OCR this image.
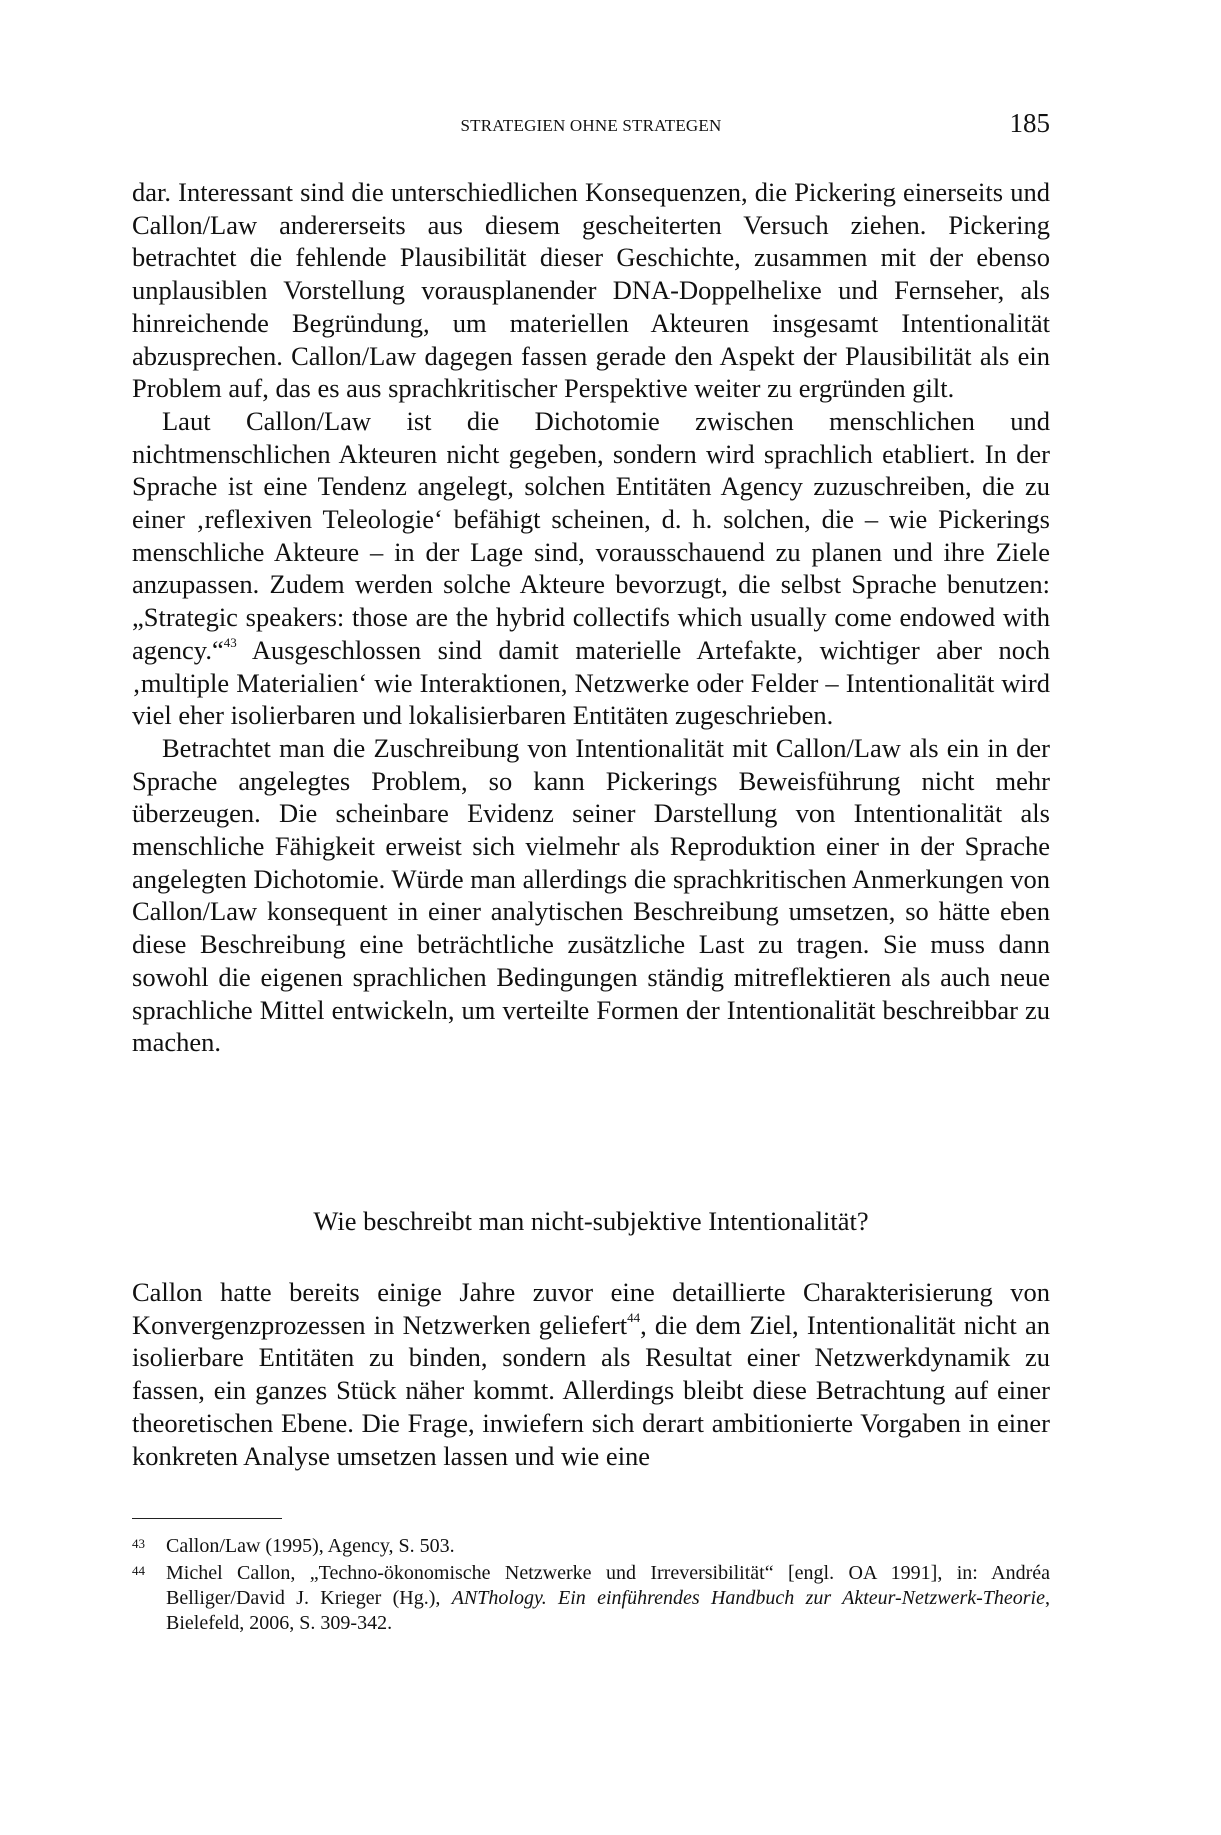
STRATEGIEN OHNE STRATEGEN	185

dar. Interessant sind die unterschiedlichen Konsequenzen, die Pickering einerseits und Callon/Law andererseits aus diesem gescheiterten Versuch ziehen. Pickering betrachtet die fehlende Plausibilität dieser Geschichte, zusammen mit der ebenso unplausiblen Vorstellung vorausplanender DNA-Doppelhelixe und Fernseher, als hinreichende Begründung, um materiellen Akteuren insgesamt Intentionalität abzusprechen. Callon/Law dagegen fassen gerade den Aspekt der Plausibilität als ein Problem auf, das es aus sprachkritischer Perspektive weiter zu ergründen gilt.

Laut Callon/Law ist die Dichotomie zwischen menschlichen und nichtmenschlichen Akteuren nicht gegeben, sondern wird sprachlich etabliert. In der Sprache ist eine Tendenz angelegt, solchen Entitäten Agency zuzuschreiben, die zu einer ‚reflexiven Teleologie‘ befähigt scheinen, d. h. solchen, die – wie Pickerings menschliche Akteure – in der Lage sind, vorausschauend zu planen und ihre Ziele anzupassen. Zudem werden solche Akteure bevorzugt, die selbst Sprache benutzen: „Strategic speakers: those are the hybrid collectifs which usually come endowed with agency.“$^{43}$ Ausgeschlossen sind damit materielle Artefakte, wichtiger aber noch ‚multiple Materialien‘ wie Interaktionen, Netzwerke oder Felder – Intentionalität wird viel eher isolierbaren und lokalisierbaren Entitäten zugeschrieben.

Betrachtet man die Zuschreibung von Intentionalität mit Callon/Law als ein in der Sprache angelegtes Problem, so kann Pickerings Beweisführung nicht mehr überzeugen. Die scheinbare Evidenz seiner Darstellung von Intentionalität als menschliche Fähigkeit erweist sich vielmehr als Reproduktion einer in der Sprache angelegten Dichotomie. Würde man allerdings die sprachkritischen Anmerkungen von Callon/Law konsequent in einer analytischen Beschreibung umsetzen, so hätte eben diese Beschreibung eine beträchtliche zusätzliche Last zu tragen. Sie muss dann sowohl die eigenen sprachlichen Bedingungen ständig mitreflektieren als auch neue sprachliche Mittel entwickeln, um verteilte Formen der Intentionalität beschreibbar zu machen.

Wie beschreibt man nicht-subjektive Intentionalität?

Callon hatte bereits einige Jahre zuvor eine detaillierte Charakterisierung von Konvergenzprozessen in Netzwerken geliefert$^{44}$, die dem Ziel, Intentionalität nicht an isolierbare Entitäten zu binden, sondern als Resultat einer Netzwerkdynamik zu fassen, ein ganzes Stück näher kommt. Allerdings bleibt diese Betrachtung auf einer theoretischen Ebene. Die Frage, inwiefern sich derart ambitionierte Vorgaben in einer konkreten Analyse umsetzen lassen und wie eine

43 Callon/Law (1995), Agency, S. 503.
44 Michel Callon, „Techno-ökonomische Netzwerke und Irreversibilität“ [engl. OA 1991], in: Andréa Belliger/David J. Krieger (Hg.), ANThology. Ein einführendes Handbuch zur Akteur-Netzwerk-Theorie, Bielefeld, 2006, S. 309-342.
